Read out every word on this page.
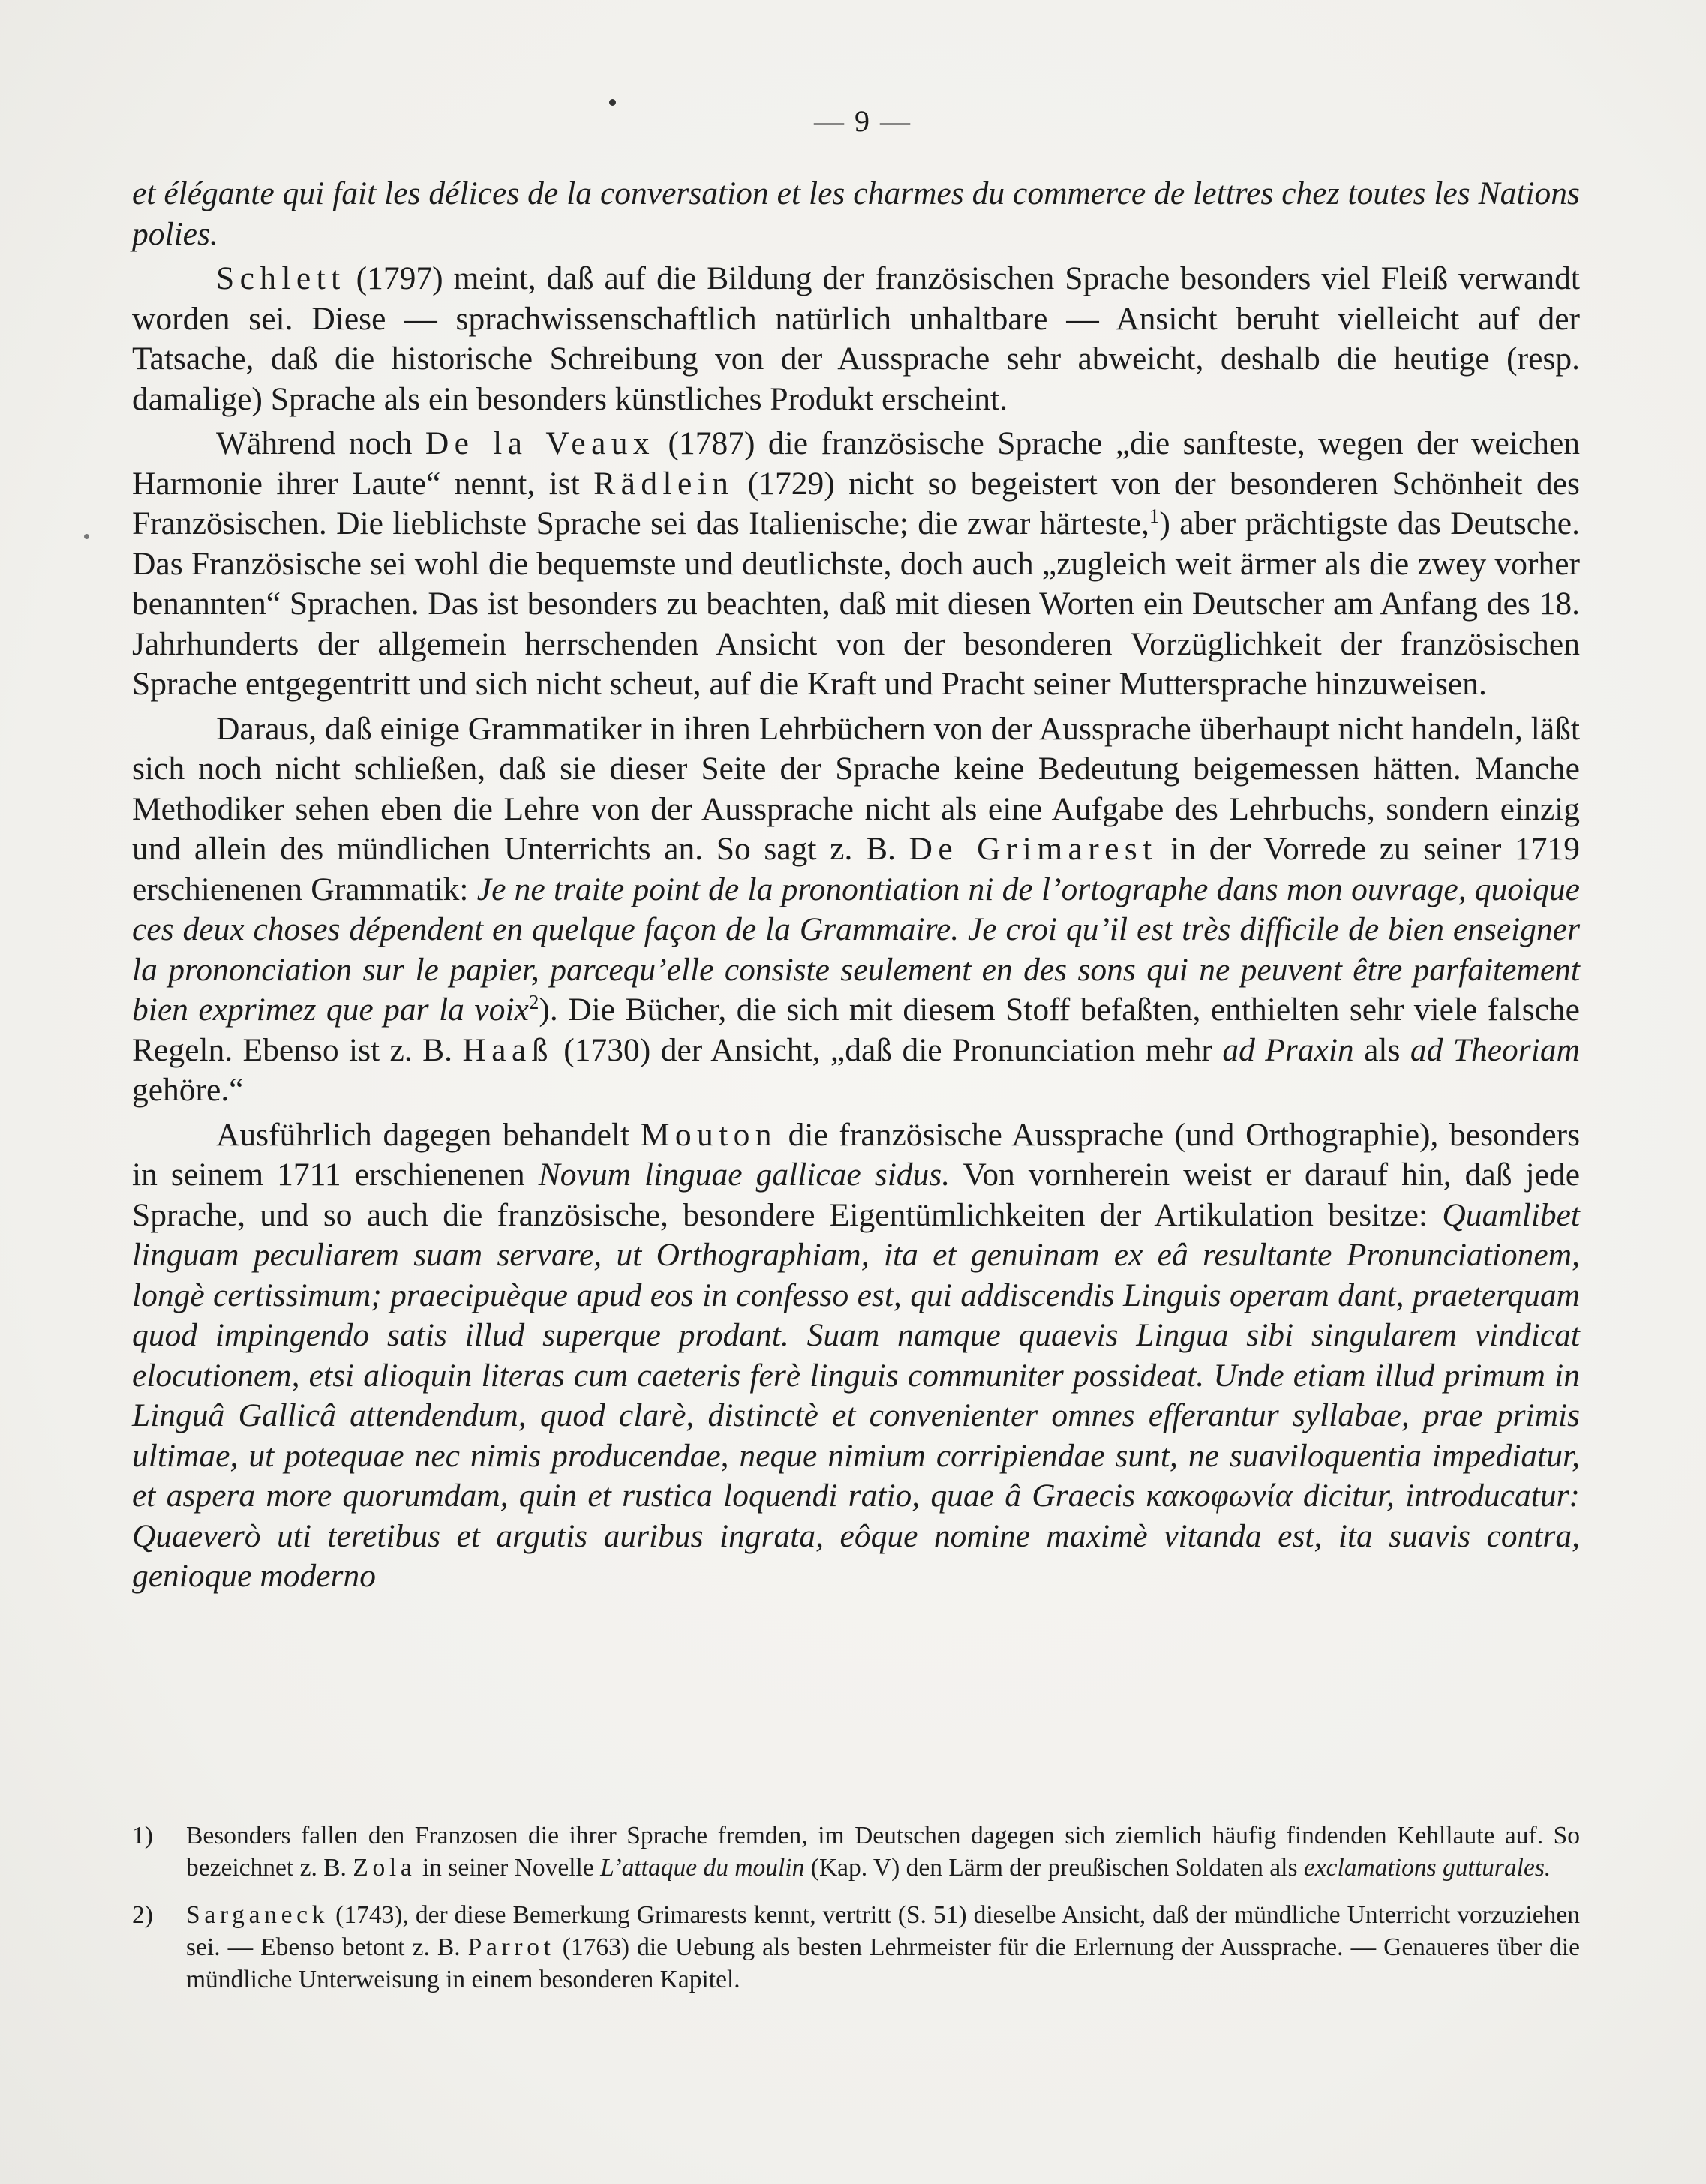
— 9 —

et élégante qui fait les délices de la conversation et les charmes du commerce de lettres chez toutes les Nations polies.

Schlett (1797) meint, daß auf die Bildung der französischen Sprache besonders viel Fleiß verwandt worden sei. Diese — sprachwissenschaftlich natürlich unhaltbare — Ansicht beruht vielleicht auf der Tatsache, daß die historische Schreibung von der Aussprache sehr abweicht, deshalb die heutige (resp. damalige) Sprache als ein besonders künstliches Produkt erscheint.

Während noch De la Veaux (1787) die französische Sprache „die sanfteste, wegen der weichen Harmonie ihrer Laute“ nennt, ist Rädlein (1729) nicht so begeistert von der besonderen Schönheit des Französischen. Die lieblichste Sprache sei das Italienische; die zwar härteste,$^1$) aber prächtigste das Deutsche. Das Französische sei wohl die bequemste und deutlichste, doch auch „zugleich weit ärmer als die zwey vorher benannten“ Sprachen. Das ist besonders zu beachten, daß mit diesen Worten ein Deutscher am Anfang des 18. Jahrhunderts der allgemein herrschenden Ansicht von der besonderen Vorzüglichkeit der französischen Sprache entgegentritt und sich nicht scheut, auf die Kraft und Pracht seiner Muttersprache hinzuweisen.

Daraus, daß einige Grammatiker in ihren Lehrbüchern von der Aussprache überhaupt nicht handeln, läßt sich noch nicht schließen, daß sie dieser Seite der Sprache keine Bedeutung beigemessen hätten. Manche Methodiker sehen eben die Lehre von der Aussprache nicht als eine Aufgabe des Lehrbuchs, sondern einzig und allein des mündlichen Unterrichts an. So sagt z. B. De Grimarest in der Vorrede zu seiner 1719 erschienenen Grammatik: Je ne traite point de la pronontiation ni de l’ortographe dans mon ouvrage, quoique ces deux choses dépendent en quelque façon de la Grammaire. Je croi qu’il est très difficile de bien enseigner la prononciation sur le papier, parcequ’elle consiste seulement en des sons qui ne peuvent être parfaitement bien exprimez que par la voix$^2$). Die Bücher, die sich mit diesem Stoff befaßten, enthielten sehr viele falsche Regeln. Ebenso ist z. B. Haaß (1730) der Ansicht, „daß die Pronunciation mehr ad Praxin als ad Theoriam gehöre.“

Ausführlich dagegen behandelt Mouton die französische Aussprache (und Orthographie), besonders in seinem 1711 erschienenen Novum linguae gallicae sidus. Von vornherein weist er darauf hin, daß jede Sprache, und so auch die französische, besondere Eigentümlichkeiten der Artikulation besitze: Quamlibet linguam peculiarem suam servare, ut Orthographiam, ita et genuinam ex eâ resultante Pronunciationem, longè certissimum; praecipuèque apud eos in confesso est, qui addiscendis Linguis operam dant, praeterquam quod impingendo satis illud superque prodant. Suam namque quaevis Lingua sibi singularem vindicat elocutionem, etsi alioquin literas cum caeteris ferè linguis communiter possideat. Unde etiam illud primum in Linguâ Gallicâ attendendum, quod clarè, distinctè et convenienter omnes efferantur syllabae, prae primis ultimae, ut potequae nec nimis producendae, neque nimium corripiendae sunt, ne suaviloquentia impediatur, et aspera more quorumdam, quin et rustica loquendi ratio, quae â Graecis κακοφωνία dicitur, introducatur: Quaeverò uti teretibus et argutis auribus ingrata, eôque nomine maximè vitanda est, ita suavis contra, genioque moderno

1) Besonders fallen den Franzosen die ihrer Sprache fremden, im Deutschen dagegen sich ziemlich häufig findenden Kehllaute auf. So bezeichnet z. B. Zola in seiner Novelle L’attaque du moulin (Kap. V) den Lärm der preußischen Soldaten als exclamations gutturales.

2) Sarganeck (1743), der diese Bemerkung Grimarests kennt, vertritt (S. 51) dieselbe Ansicht, daß der mündliche Unterricht vorzuziehen sei. — Ebenso betont z. B. Parrot (1763) die Uebung als besten Lehrmeister für die Erlernung der Aussprache. — Genaueres über die mündliche Unterweisung in einem besonderen Kapitel.
